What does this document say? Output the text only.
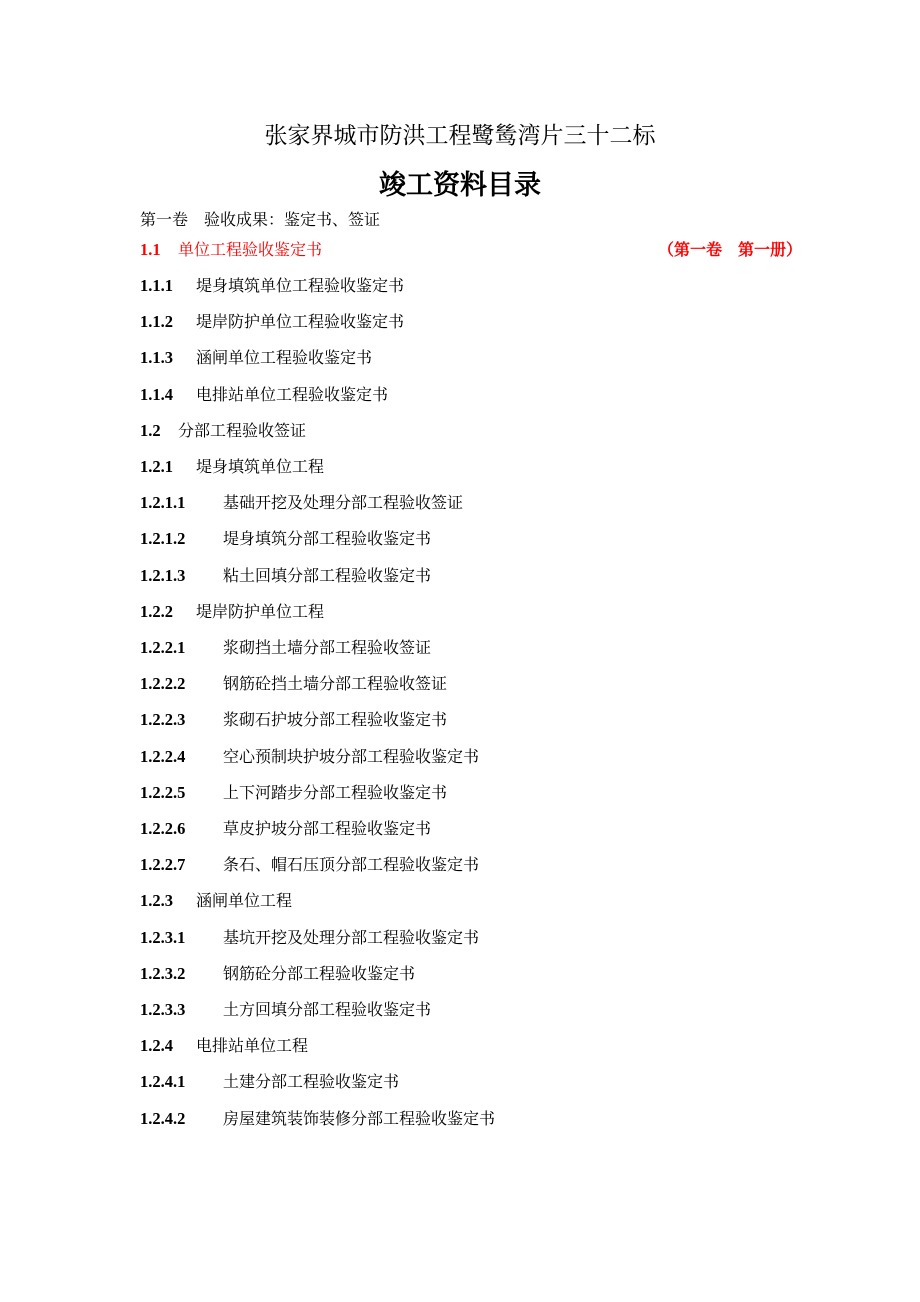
张家界城市防洪工程鹭鸶湾片三十二标
竣工资料目录
第一卷　验收成果：鉴定书、签证
1.1 单位工程验收鉴定书	（第一卷　第一册）
1.1.1 堤身填筑单位工程验收鉴定书
1.1.2 堤岸防护单位工程验收鉴定书
1.1.3 涵闸单位工程验收鉴定书
1.1.4 电排站单位工程验收鉴定书
1.2 分部工程验收签证
1.2.1 堤身填筑单位工程
1.2.1.1 基础开挖及处理分部工程验收签证
1.2.1.2 堤身填筑分部工程验收鉴定书
1.2.1.3 粘土回填分部工程验收鉴定书
1.2.2 堤岸防护单位工程
1.2.2.1 浆砌挡土墙分部工程验收签证
1.2.2.2 钢筋砼挡土墙分部工程验收签证
1.2.2.3 浆砌石护坡分部工程验收鉴定书
1.2.2.4 空心预制块护坡分部工程验收鉴定书
1.2.2.5 上下河踏步分部工程验收鉴定书
1.2.2.6 草皮护坡分部工程验收鉴定书
1.2.2.7 条石、帽石压顶分部工程验收鉴定书
1.2.3 涵闸单位工程
1.2.3.1 基坑开挖及处理分部工程验收鉴定书
1.2.3.2 钢筋砼分部工程验收鉴定书
1.2.3.3 土方回填分部工程验收鉴定书
1.2.4 电排站单位工程
1.2.4.1 土建分部工程验收鉴定书
1.2.4.2 房屋建筑装饰装修分部工程验收鉴定书
